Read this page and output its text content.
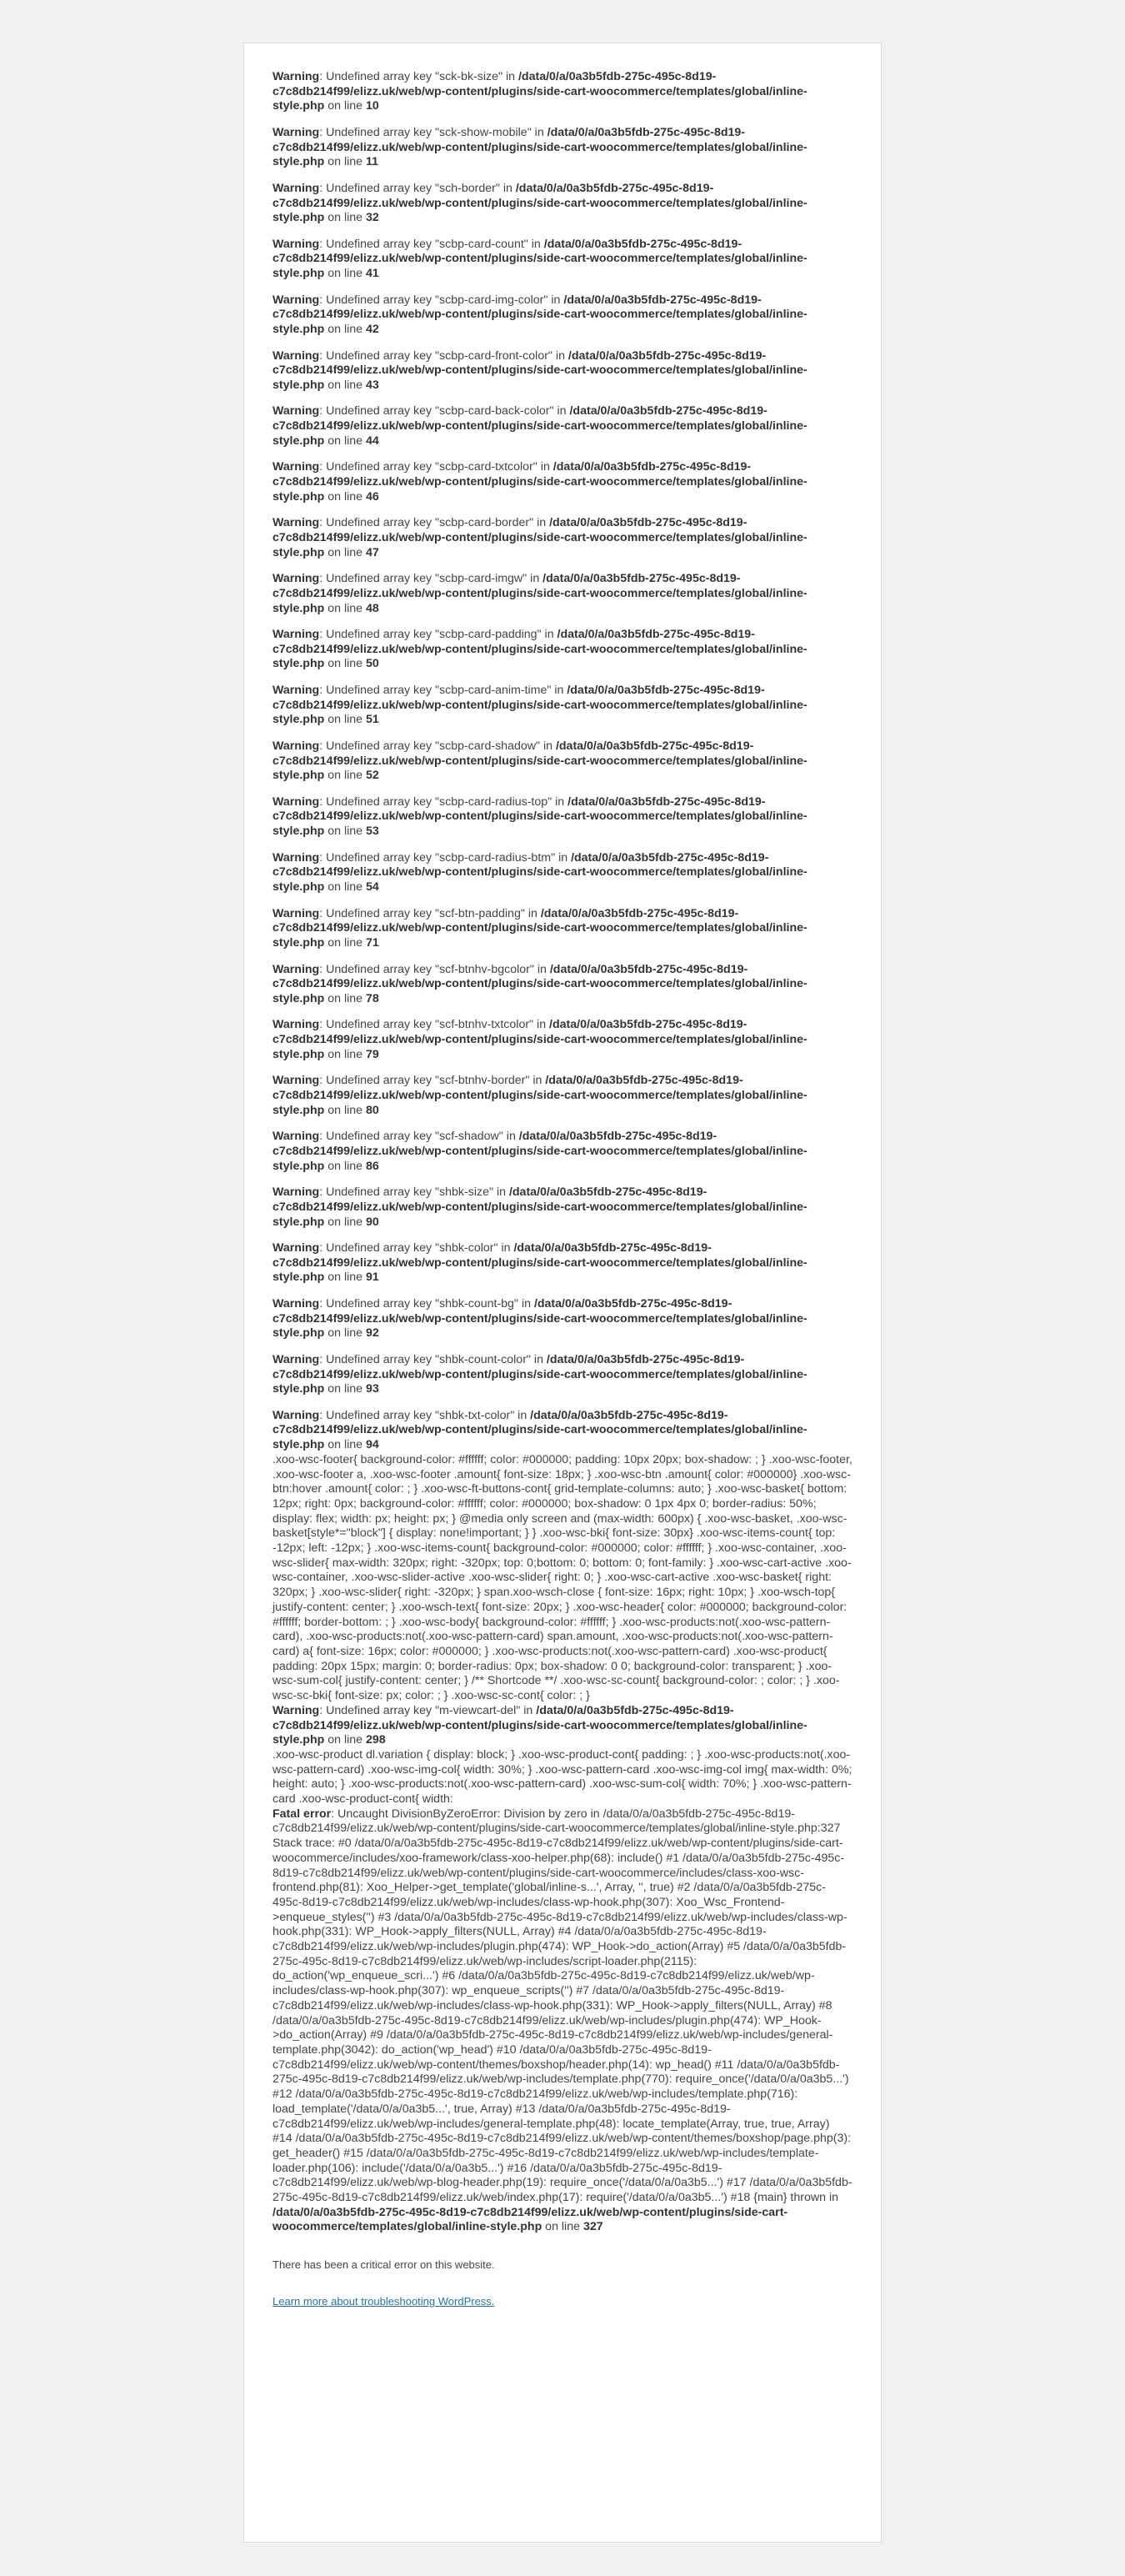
Warning: Undefined array key "sck-bk-size" in /data/0/a/0a3b5fdb-275c-495c-8d19-c7c8db214f99/elizz.uk/web/wp-content/plugins/side-cart-woocommerce/templates/global/inline-style.php on line 10
Warning: Undefined array key "sck-show-mobile" in /data/0/a/0a3b5fdb-275c-495c-8d19-c7c8db214f99/elizz.uk/web/wp-content/plugins/side-cart-woocommerce/templates/global/inline-style.php on line 11
Warning: Undefined array key "sch-border" in /data/0/a/0a3b5fdb-275c-495c-8d19-c7c8db214f99/elizz.uk/web/wp-content/plugins/side-cart-woocommerce/templates/global/inline-style.php on line 32
Warning: Undefined array key "scbp-card-count" in /data/0/a/0a3b5fdb-275c-495c-8d19-c7c8db214f99/elizz.uk/web/wp-content/plugins/side-cart-woocommerce/templates/global/inline-style.php on line 41
Warning: Undefined array key "scbp-card-img-color" in /data/0/a/0a3b5fdb-275c-495c-8d19-c7c8db214f99/elizz.uk/web/wp-content/plugins/side-cart-woocommerce/templates/global/inline-style.php on line 42
Warning: Undefined array key "scbp-card-front-color" in /data/0/a/0a3b5fdb-275c-495c-8d19-c7c8db214f99/elizz.uk/web/wp-content/plugins/side-cart-woocommerce/templates/global/inline-style.php on line 43
Warning: Undefined array key "scbp-card-back-color" in /data/0/a/0a3b5fdb-275c-495c-8d19-c7c8db214f99/elizz.uk/web/wp-content/plugins/side-cart-woocommerce/templates/global/inline-style.php on line 44
Warning: Undefined array key "scbp-card-txtcolor" in /data/0/a/0a3b5fdb-275c-495c-8d19-c7c8db214f99/elizz.uk/web/wp-content/plugins/side-cart-woocommerce/templates/global/inline-style.php on line 46
Warning: Undefined array key "scbp-card-border" in /data/0/a/0a3b5fdb-275c-495c-8d19-c7c8db214f99/elizz.uk/web/wp-content/plugins/side-cart-woocommerce/templates/global/inline-style.php on line 47
Warning: Undefined array key "scbp-card-imgw" in /data/0/a/0a3b5fdb-275c-495c-8d19-c7c8db214f99/elizz.uk/web/wp-content/plugins/side-cart-woocommerce/templates/global/inline-style.php on line 48
Warning: Undefined array key "scbp-card-padding" in /data/0/a/0a3b5fdb-275c-495c-8d19-c7c8db214f99/elizz.uk/web/wp-content/plugins/side-cart-woocommerce/templates/global/inline-style.php on line 50
Warning: Undefined array key "scbp-card-anim-time" in /data/0/a/0a3b5fdb-275c-495c-8d19-c7c8db214f99/elizz.uk/web/wp-content/plugins/side-cart-woocommerce/templates/global/inline-style.php on line 51
Warning: Undefined array key "scbp-card-shadow" in /data/0/a/0a3b5fdb-275c-495c-8d19-c7c8db214f99/elizz.uk/web/wp-content/plugins/side-cart-woocommerce/templates/global/inline-style.php on line 52
Warning: Undefined array key "scbp-card-radius-top" in /data/0/a/0a3b5fdb-275c-495c-8d19-c7c8db214f99/elizz.uk/web/wp-content/plugins/side-cart-woocommerce/templates/global/inline-style.php on line 53
Warning: Undefined array key "scbp-card-radius-btm" in /data/0/a/0a3b5fdb-275c-495c-8d19-c7c8db214f99/elizz.uk/web/wp-content/plugins/side-cart-woocommerce/templates/global/inline-style.php on line 54
Warning: Undefined array key "scf-btn-padding" in /data/0/a/0a3b5fdb-275c-495c-8d19-c7c8db214f99/elizz.uk/web/wp-content/plugins/side-cart-woocommerce/templates/global/inline-style.php on line 71
Warning: Undefined array key "scf-btnhv-bgcolor" in /data/0/a/0a3b5fdb-275c-495c-8d19-c7c8db214f99/elizz.uk/web/wp-content/plugins/side-cart-woocommerce/templates/global/inline-style.php on line 78
Warning: Undefined array key "scf-btnhv-txtcolor" in /data/0/a/0a3b5fdb-275c-495c-8d19-c7c8db214f99/elizz.uk/web/wp-content/plugins/side-cart-woocommerce/templates/global/inline-style.php on line 79
Warning: Undefined array key "scf-btnhv-border" in /data/0/a/0a3b5fdb-275c-495c-8d19-c7c8db214f99/elizz.uk/web/wp-content/plugins/side-cart-woocommerce/templates/global/inline-style.php on line 80
Warning: Undefined array key "scf-shadow" in /data/0/a/0a3b5fdb-275c-495c-8d19-c7c8db214f99/elizz.uk/web/wp-content/plugins/side-cart-woocommerce/templates/global/inline-style.php on line 86
Warning: Undefined array key "shbk-size" in /data/0/a/0a3b5fdb-275c-495c-8d19-c7c8db214f99/elizz.uk/web/wp-content/plugins/side-cart-woocommerce/templates/global/inline-style.php on line 90
Warning: Undefined array key "shbk-color" in /data/0/a/0a3b5fdb-275c-495c-8d19-c7c8db214f99/elizz.uk/web/wp-content/plugins/side-cart-woocommerce/templates/global/inline-style.php on line 91
Warning: Undefined array key "shbk-count-bg" in /data/0/a/0a3b5fdb-275c-495c-8d19-c7c8db214f99/elizz.uk/web/wp-content/plugins/side-cart-woocommerce/templates/global/inline-style.php on line 92
Warning: Undefined array key "shbk-count-color" in /data/0/a/0a3b5fdb-275c-495c-8d19-c7c8db214f99/elizz.uk/web/wp-content/plugins/side-cart-woocommerce/templates/global/inline-style.php on line 93
Warning: Undefined array key "shbk-txt-color" in /data/0/a/0a3b5fdb-275c-495c-8d19-c7c8db214f99/elizz.uk/web/wp-content/plugins/side-cart-woocommerce/templates/global/inline-style.php on line 94
.xoo-wsc-footer{ background-color: #ffffff; color: #000000; padding: 10px 20px; box-shadow: ; } .xoo-wsc-footer, .xoo-wsc-footer a, .xoo-wsc-footer .amount{ font-size: 18px; } .xoo-wsc-btn .amount{ color: #000000} .xoo-wsc-btn:hover .amount{ color: ; } .xoo-wsc-ft-buttons-cont{ grid-template-columns: auto; } .xoo-wsc-basket{ bottom: 12px; right: 0px; background-color: #ffffff; color: #000000; box-shadow: 0 1px 4px 0; border-radius: 50%; display: flex; width: px; height: px; } @media only screen and (max-width: 600px) { .xoo-wsc-basket, .xoo-wsc-basket[style*="block"] { display: none!important; } } .xoo-wsc-bki{ font-size: 30px} .xoo-wsc-items-count{ top: -12px; left: -12px; } .xoo-wsc-items-count{ background-color: #000000; color: #ffffff; } .xoo-wsc-container, .xoo-wsc-slider{ max-width: 320px; right: -320px; top: 0;bottom: 0; bottom: 0; font-family: } .xoo-wsc-cart-active .xoo-wsc-container, .xoo-wsc-slider-active .xoo-wsc-slider{ right: 0; } .xoo-wsc-cart-active .xoo-wsc-basket{ right: 320px; } .xoo-wsc-slider{ right: -320px; } span.xoo-wsch-close { font-size: 16px; right: 10px; } .xoo-wsch-top{ justify-content: center; } .xoo-wsch-text{ font-size: 20px; } .xoo-wsc-header{ color: #000000; background-color: #ffffff; border-bottom: ; } .xoo-wsc-body{ background-color: #ffffff; } .xoo-wsc-products:not(.xoo-wsc-pattern-card), .xoo-wsc-products:not(.xoo-wsc-pattern-card) span.amount, .xoo-wsc-products:not(.xoo-wsc-pattern-card) a{ font-size: 16px; color: #000000; } .xoo-wsc-products:not(.xoo-wsc-pattern-card) .xoo-wsc-product{ padding: 20px 15px; margin: 0; border-radius: 0px; box-shadow: 0 0; background-color: transparent; } .xoo-wsc-sum-col{ justify-content: center; } /** Shortcode **/ .xoo-wsc-sc-count{ background-color: ; color: ; } .xoo-wsc-sc-bki{ font-size: px; color: ; } .xoo-wsc-sc-cont{ color: ; }
Warning: Undefined array key "m-viewcart-del" in /data/0/a/0a3b5fdb-275c-495c-8d19-c7c8db214f99/elizz.uk/web/wp-content/plugins/side-cart-woocommerce/templates/global/inline-style.php on line 298
.xoo-wsc-product dl.variation { display: block; } .xoo-wsc-product-cont{ padding: ; } .xoo-wsc-products:not(.xoo-wsc-pattern-card) .xoo-wsc-img-col{ width: 30%; } .xoo-wsc-pattern-card .xoo-wsc-img-col img{ max-width: 0%; height: auto; } .xoo-wsc-products:not(.xoo-wsc-pattern-card) .xoo-wsc-sum-col{ width: 70%; } .xoo-wsc-pattern-card .xoo-wsc-product-cont{ width:
Fatal error: Uncaught DivisionByZeroError: Division by zero in /data/0/a/0a3b5fdb-275c-495c-8d19-c7c8db214f99/elizz.uk/web/wp-content/plugins/side-cart-woocommerce/templates/global/inline-style.php:327 Stack trace: #0 /data/0/a/0a3b5fdb-275c-495c-8d19-c7c8db214f99/elizz.uk/web/wp-content/plugins/side-cart-woocommerce/includes/xoo-framework/class-xoo-helper.php(68): include() #1 /data/0/a/0a3b5fdb-275c-495c-8d19-c7c8db214f99/elizz.uk/web/wp-content/plugins/side-cart-woocommerce/includes/class-xoo-wsc-frontend.php(81): Xoo_Helper->get_template('global/inline-s...', Array, '', true) #2 /data/0/a/0a3b5fdb-275c-495c-8d19-c7c8db214f99/elizz.uk/web/wp-includes/class-wp-hook.php(307): Xoo_Wsc_Frontend->enqueue_styles('') #3 /data/0/a/0a3b5fdb-275c-495c-8d19-c7c8db214f99/elizz.uk/web/wp-includes/class-wp-hook.php(331): WP_Hook->apply_filters(NULL, Array) #4 /data/0/a/0a3b5fdb-275c-495c-8d19-c7c8db214f99/elizz.uk/web/wp-includes/plugin.php(474): WP_Hook->do_action(Array) #5 /data/0/a/0a3b5fdb-275c-495c-8d19-c7c8db214f99/elizz.uk/web/wp-includes/script-loader.php(2115): do_action('wp_enqueue_scri...') #6 /data/0/a/0a3b5fdb-275c-495c-8d19-c7c8db214f99/elizz.uk/web/wp-includes/class-wp-hook.php(307): wp_enqueue_scripts('') #7 /data/0/a/0a3b5fdb-275c-495c-8d19-c7c8db214f99/elizz.uk/web/wp-includes/class-wp-hook.php(331): WP_Hook->apply_filters(NULL, Array) #8 /data/0/a/0a3b5fdb-275c-495c-8d19-c7c8db214f99/elizz.uk/web/wp-includes/plugin.php(474): WP_Hook->do_action(Array) #9 /data/0/a/0a3b5fdb-275c-495c-8d19-c7c8db214f99/elizz.uk/web/wp-includes/general-template.php(3042): do_action('wp_head') #10 /data/0/a/0a3b5fdb-275c-495c-8d19-c7c8db214f99/elizz.uk/web/wp-content/themes/boxshop/header.php(14): wp_head() #11 /data/0/a/0a3b5fdb-275c-495c-8d19-c7c8db214f99/elizz.uk/web/wp-includes/template.php(770): require_once('/data/0/a/0a3b5...') #12 /data/0/a/0a3b5fdb-275c-495c-8d19-c7c8db214f99/elizz.uk/web/wp-includes/template.php(716): load_template('/data/0/a/0a3b5...', true, Array) #13 /data/0/a/0a3b5fdb-275c-495c-8d19-c7c8db214f99/elizz.uk/web/wp-includes/general-template.php(48): locate_template(Array, true, true, Array) #14 /data/0/a/0a3b5fdb-275c-495c-8d19-c7c8db214f99/elizz.uk/web/wp-content/themes/boxshop/page.php(3): get_header() #15 /data/0/a/0a3b5fdb-275c-495c-8d19-c7c8db214f99/elizz.uk/web/wp-includes/template-loader.php(106): include('/data/0/a/0a3b5...') #16 /data/0/a/0a3b5fdb-275c-495c-8d19-c7c8db214f99/elizz.uk/web/wp-blog-header.php(19): require_once('/data/0/a/0a3b5...') #17 /data/0/a/0a3b5fdb-275c-495c-8d19-c7c8db214f99/elizz.uk/web/index.php(17): require('/data/0/a/0a3b5...') #18 {main} thrown in /data/0/a/0a3b5fdb-275c-495c-8d19-c7c8db214f99/elizz.uk/web/wp-content/plugins/side-cart-woocommerce/templates/global/inline-style.php on line 327

There has been a critical error on this website.

Learn more about troubleshooting WordPress.
